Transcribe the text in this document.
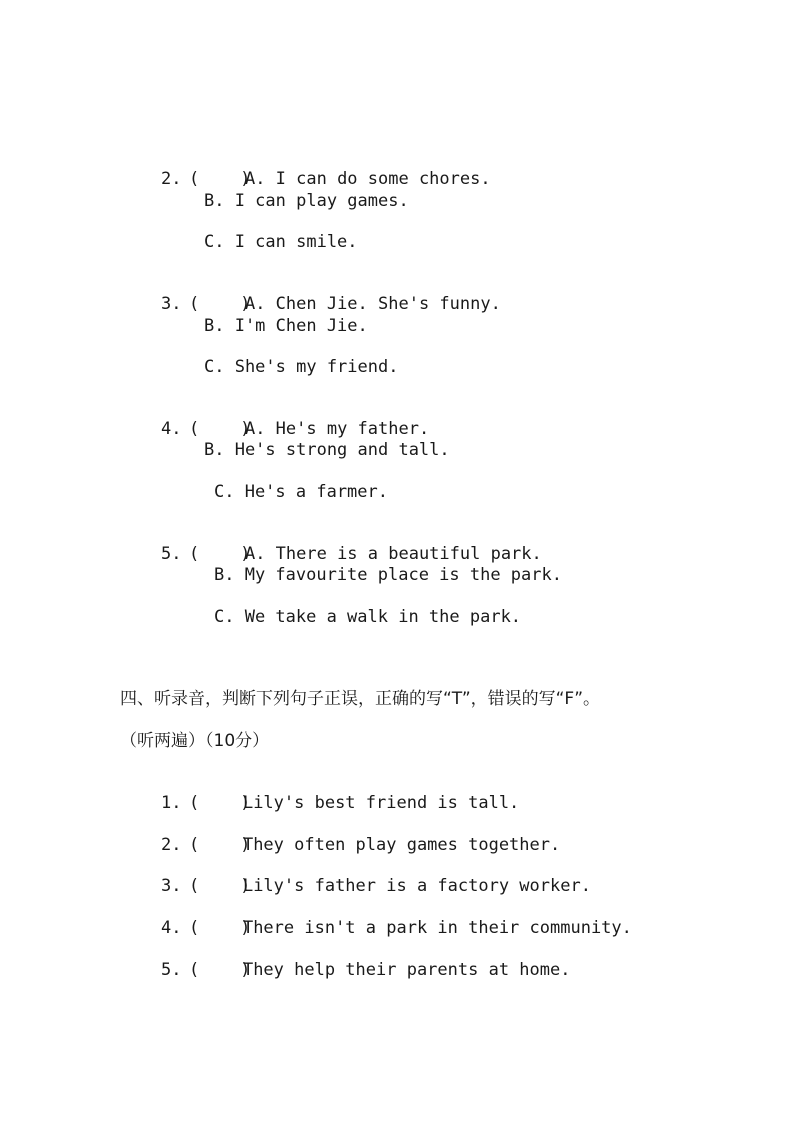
2. (    )A. I can do some chores.

B. I can play games.
C. I can smile.

3. (    )A. Chen Jie. She's funny.

B. I'm Chen Jie.
C. She's my friend.

4. (    )A. He's my father.

B. He's strong and tall.
C. He's a farmer.

5. (    )A. There is a beautiful park.

B. My favourite place is the park.
C. We take a walk in the park.
四、听录音，判断下列句子正误，正确的写“T”，错误的写“F”。
（听两遍）（10分）

1. (    )Lily's best friend is tall.

2. (    )They often play games together.

3. (    )Lily's father is a factory worker.

4. (    )There isn't a park in their community.

5. (    )They help their parents at home.
